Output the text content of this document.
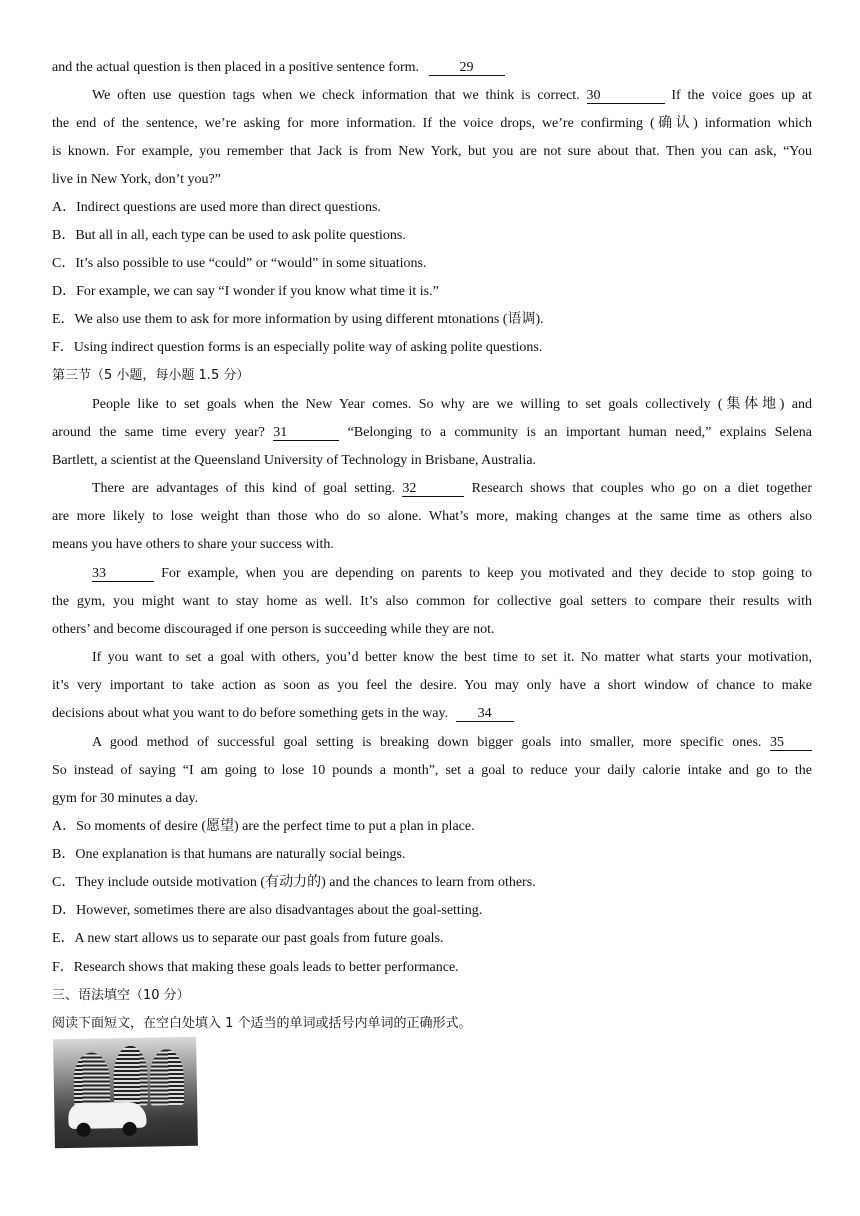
and the actual question is then placed in a positive sentence form.	29
We often use question tags when we check information that we think is correct. 30	If the voice goes up at
the end of the sentence, we’re asking for more information. If the voice drops, we’re confirming (确认) information which
is known. For example, you remember that Jack is from New York, but you are not sure about that. Then you can ask, “You
live in New York, don’t you?”
A．Indirect questions are used more than direct questions.
B．But all in all, each type can be used to ask polite questions.
C．It’s also possible to use “could” or “would” in some situations.
D．For example, we can say “I wonder if you know what time it is.”
E．We also use them to ask for more information by using different mtonations (语调).
F．Using indirect question forms is an especially polite way of asking polite questions.
第三节（5 小题，每小题 1.5 分）
People like to set goals when the New Year comes. So why are we willing to set goals collectively (集体地) and
around the same time every year? 31	“Belonging to a community is an important human need,” explains Selena
Bartlett, a scientist at the Queensland University of Technology in Brisbane, Australia.
There are advantages of this kind of goal setting. 32	Research shows that couples who go on a diet together
are more likely to lose weight than those who do so alone. What’s more, making changes at the same time as others also
means you have others to share your success with.
33	For example, when you are depending on parents to keep you motivated and they decide to stop going to
the gym, you might want to stay home as well. It’s also common for collective goal setters to compare their results with
others’ and become discouraged if one person is succeeding while they are not.
If you want to set a goal with others, you’d better know the best time to set it. No matter what starts your motivation,
it’s very important to take action as soon as you feel the desire. You may only have a short window of chance to make
decisions about what you want to do before something gets in the way. 34
A good method of successful goal setting is breaking down bigger goals into smaller, more specific ones. 35
So instead of saying “I am going to lose 10 pounds a month”, set a goal to reduce your daily calorie intake and go to the
gym for 30 minutes a day.
A．So moments of desire (愿望) are the perfect time to put a plan in place.
B．One explanation is that humans are naturally social beings.
C．They include outside motivation (有动力的) and the chances to learn from others.
D．However, sometimes there are also disadvantages about the goal-setting.
E．A new start allows us to separate our past goals from future goals.
F．Research shows that making these goals leads to better performance.
三、语法填空（10 分）
阅读下面短文，在空白处填入 1 个适当的单词或括号内单词的正确形式。
